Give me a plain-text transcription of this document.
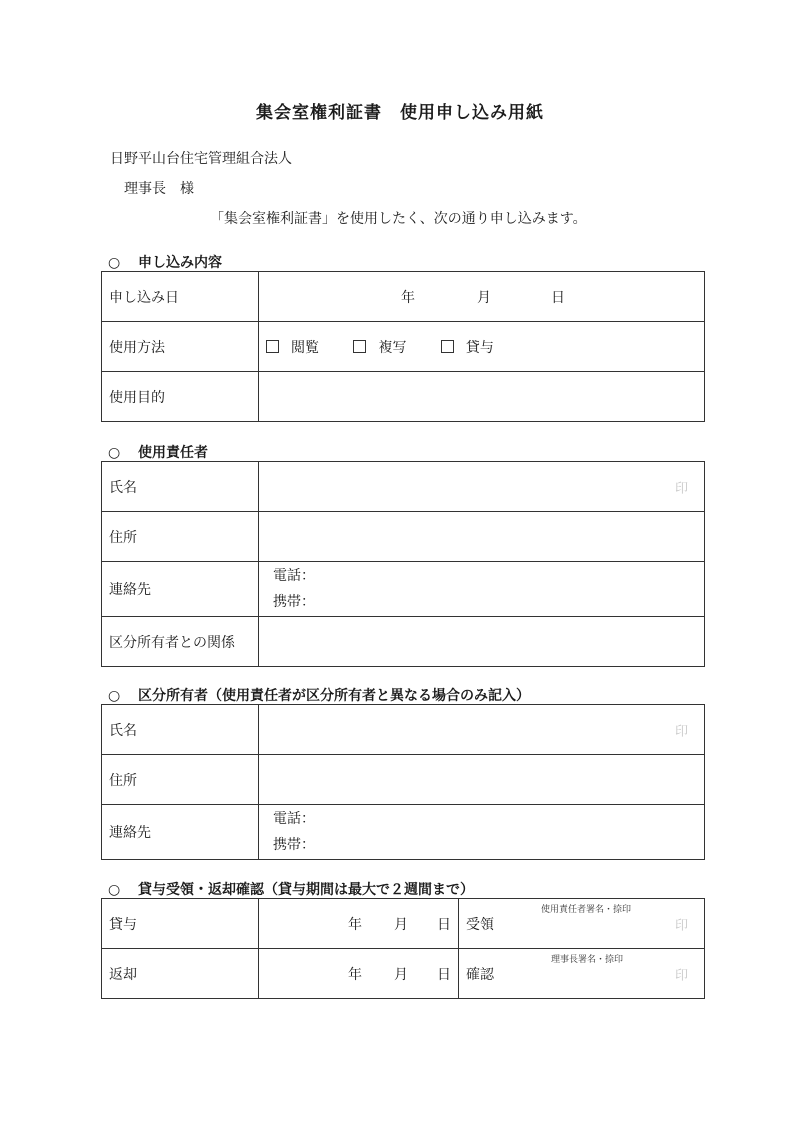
集会室権利証書　使用申し込み用紙
日野平山台住宅管理組合法人
理事長　様
「集会室権利証書」を使用したく、次の通り申し込みます。
○ 申し込み内容
申し込み日	年 月 日

使用方法	閲覧 複写 貸与
使用目的	
○ 使用責任者
氏名	印

住所	
連絡先	電話：
携帯：

区分所有者との関係	
○ 区分所有者（使用責任者が区分所有者と異なる場合のみ記入）
氏名	印

住所	
連絡先	電話：
携帯：
○ 貸与受領・返却確認（貸与期間は最大で２週間まで）
貸与	年 月 日	受領
使用責任者署名・捺印
印

返却	年 月 日	確認
理事長署名・捺印
印
